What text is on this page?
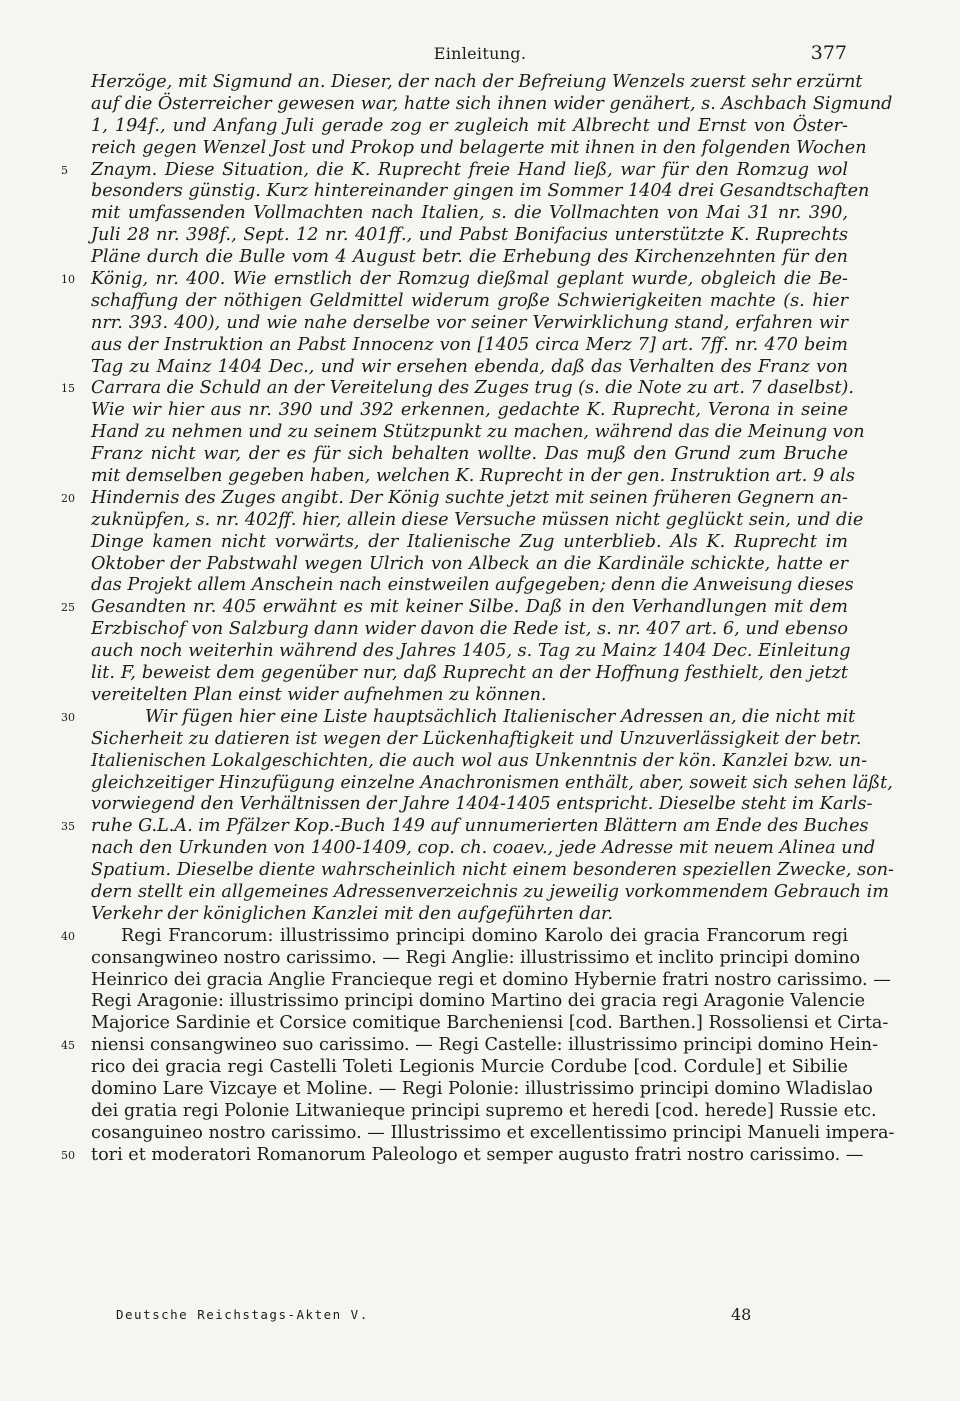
Einleitung.	377
Herzöge, mit Sigmund an. Dieser, der nach der Befreiung Wenzels zuerst sehr erzürnt
auf die Österreicher gewesen war, hatte sich ihnen wider genähert, s. Aschbach Sigmund
1, 194f., und Anfang Juli gerade zog er zugleich mit Albrecht und Ernst von Öster-
reich gegen Wenzel Jost und Prokop und belagerte mit ihnen in den folgenden Wochen
5	Znaym. Diese Situation, die K. Ruprecht freie Hand ließ, war für den Romzug wol
besonders günstig. Kurz hintereinander gingen im Sommer 1404 drei Gesandtschaften
mit umfassenden Vollmachten nach Italien, s. die Vollmachten von Mai 31 nr. 390,
Juli 28 nr. 398f., Sept. 12 nr. 401ff., und Pabst Bonifacius unterstützte K. Ruprechts
Pläne durch die Bulle vom 4 August betr. die Erhebung des Kirchenzehnten für den
10 König, nr. 400. Wie ernstlich der Romzug dießmal geplant wurde, obgleich die Be-
schaffung der nöthigen Geldmittel widerum große Schwierigkeiten machte (s. hier
nrr. 393. 400), und wie nahe derselbe vor seiner Verwirklichung stand, erfahren wir
aus der Instruktion an Pabst Innocenz von [1405 circa Merz 7] art. 7ff. nr. 470 beim
Tag zu Mainz 1404 Dec., und wir ersehen ebenda, daß das Verhalten des Franz von
15 Carrara die Schuld an der Vereitelung des Zuges trug (s. die Note zu art. 7 daselbst).
Wie wir hier aus nr. 390 und 392 erkennen, gedachte K. Ruprecht, Verona in seine
Hand zu nehmen und zu seinem Stützpunkt zu machen, während das die Meinung von
Franz nicht war, der es für sich behalten wollte. Das muß den Grund zum Bruche
mit demselben gegeben haben, welchen K. Ruprecht in der gen. Instruktion art. 9 als
20 Hindernis des Zuges angibt. Der König suchte jetzt mit seinen früheren Gegnern an-
zuknüpfen, s. nr. 402ff. hier, allein diese Versuche müssen nicht geglückt sein, und die
Dinge kamen nicht vorwärts, der Italienische Zug unterblieb. Als K. Ruprecht im
Oktober der Pabstwahl wegen Ulrich von Albeck an die Kardinäle schickte, hatte er
das Projekt allem Anschein nach einstweilen aufgegeben; denn die Anweisung dieses
25 Gesandten nr. 405 erwähnt es mit keiner Silbe. Daß in den Verhandlungen mit dem
Erzbischof von Salzburg dann wider davon die Rede ist, s. nr. 407 art. 6, und ebenso
auch noch weiterhin während des Jahres 1405, s. Tag zu Mainz 1404 Dec. Einleitung
lit. F, beweist dem gegenüber nur, daß Ruprecht an der Hoffnung festhielt, den jetzt
vereitelten Plan einst wider aufnehmen zu können.
30	Wir fügen hier eine Liste hauptsächlich Italienischer Adressen an, die nicht mit
Sicherheit zu datieren ist wegen der Lückenhaftigkeit und Unzuverlässigkeit der betr.
Italienischen Lokalgeschichten, die auch wol aus Unkenntnis der kön. Kanzlei bzw. un-
gleichzeitiger Hinzufügung einzelne Anachronismen enthält, aber, soweit sich sehen läßt,
vorwiegend den Verhältnissen der Jahre 1404-1405 entspricht. Dieselbe steht im Karls-
35 ruhe G.L.A. im Pfälzer Kop.-Buch 149 auf unnumerierten Blättern am Ende des Buches
nach den Urkunden von 1400-1409, cop. ch. coaev., jede Adresse mit neuem Alinea und
Spatium. Dieselbe diente wahrscheinlich nicht einem besonderen speziellen Zwecke, son-
dern stellt ein allgemeines Adressenverzeichnis zu jeweilig vorkommendem Gebrauch im
Verkehr der königlichen Kanzlei mit den aufgeführten dar.
40	Regi Francorum: illustrissimo principi domino Karolo dei gracia Francorum regi
consangwineo nostro carissimo. — Regi Anglie: illustrissimo et inclito principi domino
Heinrico dei gracia Anglie Francieque regi et domino Hybernie fratri nostro carissimo. —
Regi Aragonie: illustrissimo principi domino Martino dei gracia regi Aragonie Valencie
Majorice Sardinie et Corsice comitique Barcheniensi [cod. Barthen.] Rossoliensi et Cirta-
45 niensi consangwineo suo carissimo. — Regi Castelle: illustrissimo principi domino Hein-
rico dei gracia regi Castelli Toleti Legionis Murcie Cordube [cod. Cordule] et Sibilie
domino Lare Vizcaye et Moline. — Regi Polonie: illustrissimo principi domino Wladislao
dei gratia regi Polonie Litwanieque principi supremo et heredi [cod. herede] Russie etc.
cosanguineo nostro carissimo. — Illustrissimo et excellentissimo principi Manueli impera-
50 tori et moderatori Romanorum Paleologo et semper augusto fratri nostro carissimo. —
Deutsche Reichstags-Akten V.	48
